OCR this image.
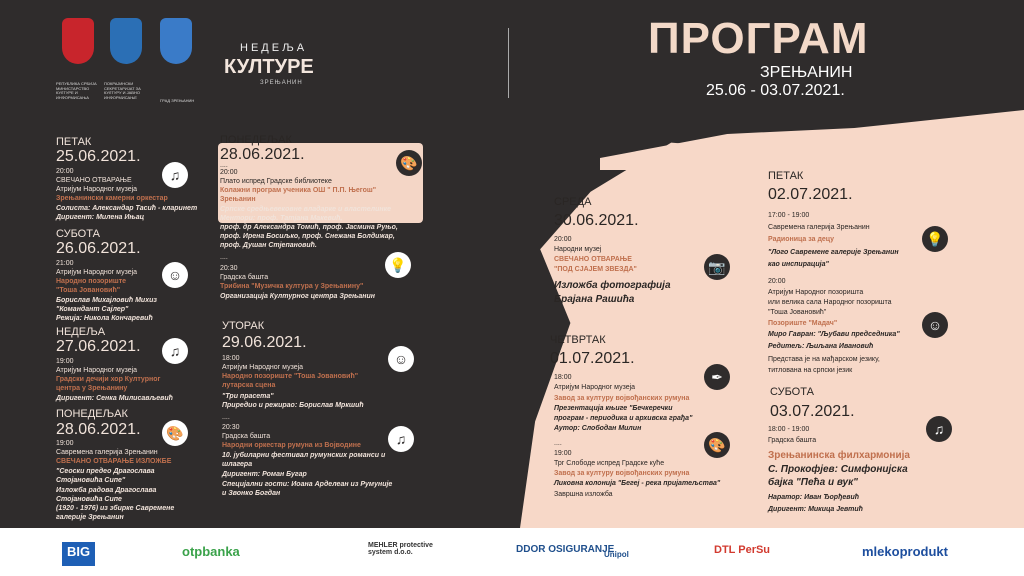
РЕПУБЛИКА СРБИЈА МИНИСТАРСТВО КУЛТУРЕ И ИНФОРМИСАЊА
ПОКРАЈИНСКИ СЕКРЕТАРИЈАТ ЗА КУЛТУРУ И ЈАВНО ИНФОРМИСАЊЕ
ГРАД ЗРЕЊАНИН
НЕДЕЉА
КУЛТУРЕ
ЗРЕЊАНИН
ПРОГРАМ
ЗРЕЊАНИН
25.06 - 03.07.2021.
ПЕТАК
25.06.2021.
20:00
СВЕЧАНО ОТВАРАЊЕ
Атријум Народног музеја
Зрењанински камерни оркестар
Солиста: Александар Тасић - кларинет
Диригент: Милена Ињац
♫
СУБОТА
26.06.2021.
21:00
Атријум Народног музеја
Народно позориште
"Тоша Јовановић"
Борислав Михајловић Михиз
"Командант Сајлер"
Режија: Никола Кончаревић
☺
НЕДЕЉА
27.06.2021.
19:00
Атријум Народног музеја
Градски дечији хор Културног
центра у Зрењанину
Диригент: Сенка Милисављевић
♫
ПОНЕДЕЉАК
28.06.2021.
19:00
Савремена галерија Зрењанин
СВЕЧАНО ОТВАРАЊЕ ИЗЛОЖБЕ
"Сеоски предео Драгослава
Стојановића Сипе"
Изложба радова Драгослава
Стојановића Сипе
(1920 - 1976) из збирке Савремене
галерије Зрењанин
🎨
ПОНЕДЕЉАК
28.06.2021.
....
20:00
Плато испред Градске библиотеке
Колажни програм ученика ОШ " П.П. Његош"
Зрењанин
Српске средњевековне владарке и властелинке
Ментори: проф. Татјана Макевић,
проф. др Александра Томић, проф. Јасмина Руњо,
проф. Ирена Босиљко, проф. Снежана Болдижар,
проф. Душан Стјепановић.
....
20:30
Градска башта
Трибина "Музичка култура у Зрењанину"
Организација Културног центра Зрењанин
🎨
💡
УТОРАК
29.06.2021.
18:00
Атријум Народног музеја
Народно позориште "Тоша Јовановић"
лутарска сцена
"Три прасета"
Приредио и режирао: Борислав Мркшић
....
20:30
Градска башта
Народни оркестар румуна из Војводине
10. јубиларни фестивал румунских романси и
шлагера
Диригент: Роман Бугар
Специјални гости: Иоана Арделеан из Румуније
и Звонко Богдан
☺
♫
СРЕДА
30.06.2021.
20:00
Народни музеј
СВЕЧАНО ОТВАРАЊЕ
"ПОД СЈАЈЕМ ЗВЕЗДА"
Изложба фотографија
Брајана Рашића
📷
ЧЕТВРТАК
01.07.2021.
18:00
Атријум Народног музеја
Завод за културу војвођанских румуна
Презентација књиге "Бечкеречки
програм - периодика и архивска грађа"
Аутор: Слободан Милин
....
19:00
Трг Слободе испред Градске куће
Завод за културу војвођанских румуна
Ликовна колонија "Бегеј - река пријатељства"
Завршна изложба
✒
🎨
ПЕТАК
02.07.2021.
17:00 - 19:00
Савремена галерија Зрењанин
Радионица за децу
"Лого Савремене галерије Зрењанин
као инспирација"
20:00
Атријум Народног позоришта
или велика сала Народног позоришта
"Тоша Јовановић"
Позориште "Мадач"
Миро Гавран: "Љубави председника"
Редитељ: Љиљана Ивановић
Представа је на мађарском језику,
титлована на српски језик
💡
☺
СУБОТА
03.07.2021.
18:00 - 19:00
Градска башта
Зрењанинска филхармонија
С. Прокофјев: Симфонијска
бајка "Пећа и вук"
Наратор: Иван Ђорђевић
Диригент: Микица Јевтић
♫
BIG	otpbanka	MEHLER protective system d.o.o.	DDOR OSIGURANJE
Unipol	DTL PerSu	mlekoprodukt
